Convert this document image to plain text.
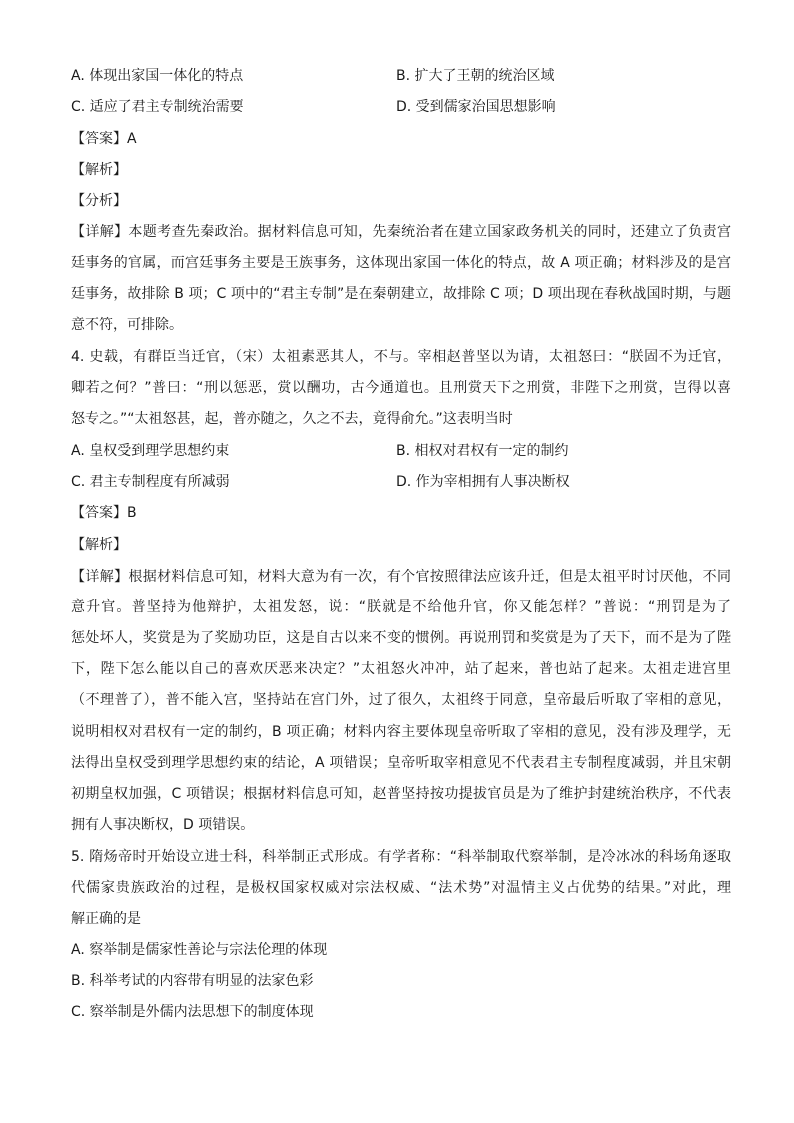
A. 体现出家国一体化的特点	B. 扩大了王朝的统治区域
C. 适应了君主专制统治需要	D. 受到儒家治国思想影响
【答案】A
【解析】
【分析】
【详解】本题考查先秦政治。据材料信息可知，先秦统治者在建立国家政务机关的同时，还建立了负责宫
廷事务的官属，而宫廷事务主要是王族事务，这体现出家国一体化的特点，故 A 项正确；材料涉及的是宫
廷事务，故排除 B 项；C 项中的“君主专制”是在秦朝建立，故排除 C 项；D 项出现在春秋战国时期，与题
意不符，可排除。
4. 史载，有群臣当迁官，（宋）太祖素恶其人，不与。宰相赵普坚以为请，太祖怒曰：“朕固不为迁官，
卿若之何？”普曰：“刑以惩恶，赏以酬功，古今通道也。且刑赏天下之刑赏，非陛下之刑赏，岂得以喜
怒专之。”“太祖怒甚，起，普亦随之，久之不去，竟得俞允。”这表明当时
A. 皇权受到理学思想约束	B. 相权对君权有一定的制约
C. 君主专制程度有所减弱	D. 作为宰相拥有人事决断权
【答案】B
【解析】
【详解】根据材料信息可知，材料大意为有一次，有个官按照律法应该升迁，但是太祖平时讨厌他，不同
意升官。普坚持为他辩护，太祖发怒，说：“朕就是不给他升官，你又能怎样？”普说：“刑罚是为了
惩处坏人，奖赏是为了奖励功臣，这是自古以来不变的惯例。再说刑罚和奖赏是为了天下，而不是为了陛
下，陛下怎么能以自己的喜欢厌恶来决定？”太祖怒火冲冲，站了起来，普也站了起来。太祖走进宫里
（不理普了），普不能入宫，坚持站在宫门外，过了很久，太祖终于同意，皇帝最后听取了宰相的意见，
说明相权对君权有一定的制约，B 项正确；材料内容主要体现皇帝听取了宰相的意见，没有涉及理学，无
法得出皇权受到理学思想约束的结论，A 项错误；皇帝听取宰相意见不代表君主专制程度减弱，并且宋朝
初期皇权加强，C 项错误；根据材料信息可知，赵普坚持按功提拔官员是为了维护封建统治秩序，不代表
拥有人事决断权，D 项错误。
5. 隋炀帝时开始设立进士科，科举制正式形成。有学者称：“科举制取代察举制，是冷冰冰的科场角逐取
代儒家贵族政治的过程，是极权国家权威对宗法权威、“法术势”对温情主义占优势的结果。”对此，理
解正确的是
A. 察举制是儒家性善论与宗法伦理的体现
B. 科举考试的内容带有明显的法家色彩
C. 察举制是外儒内法思想下的制度体现
